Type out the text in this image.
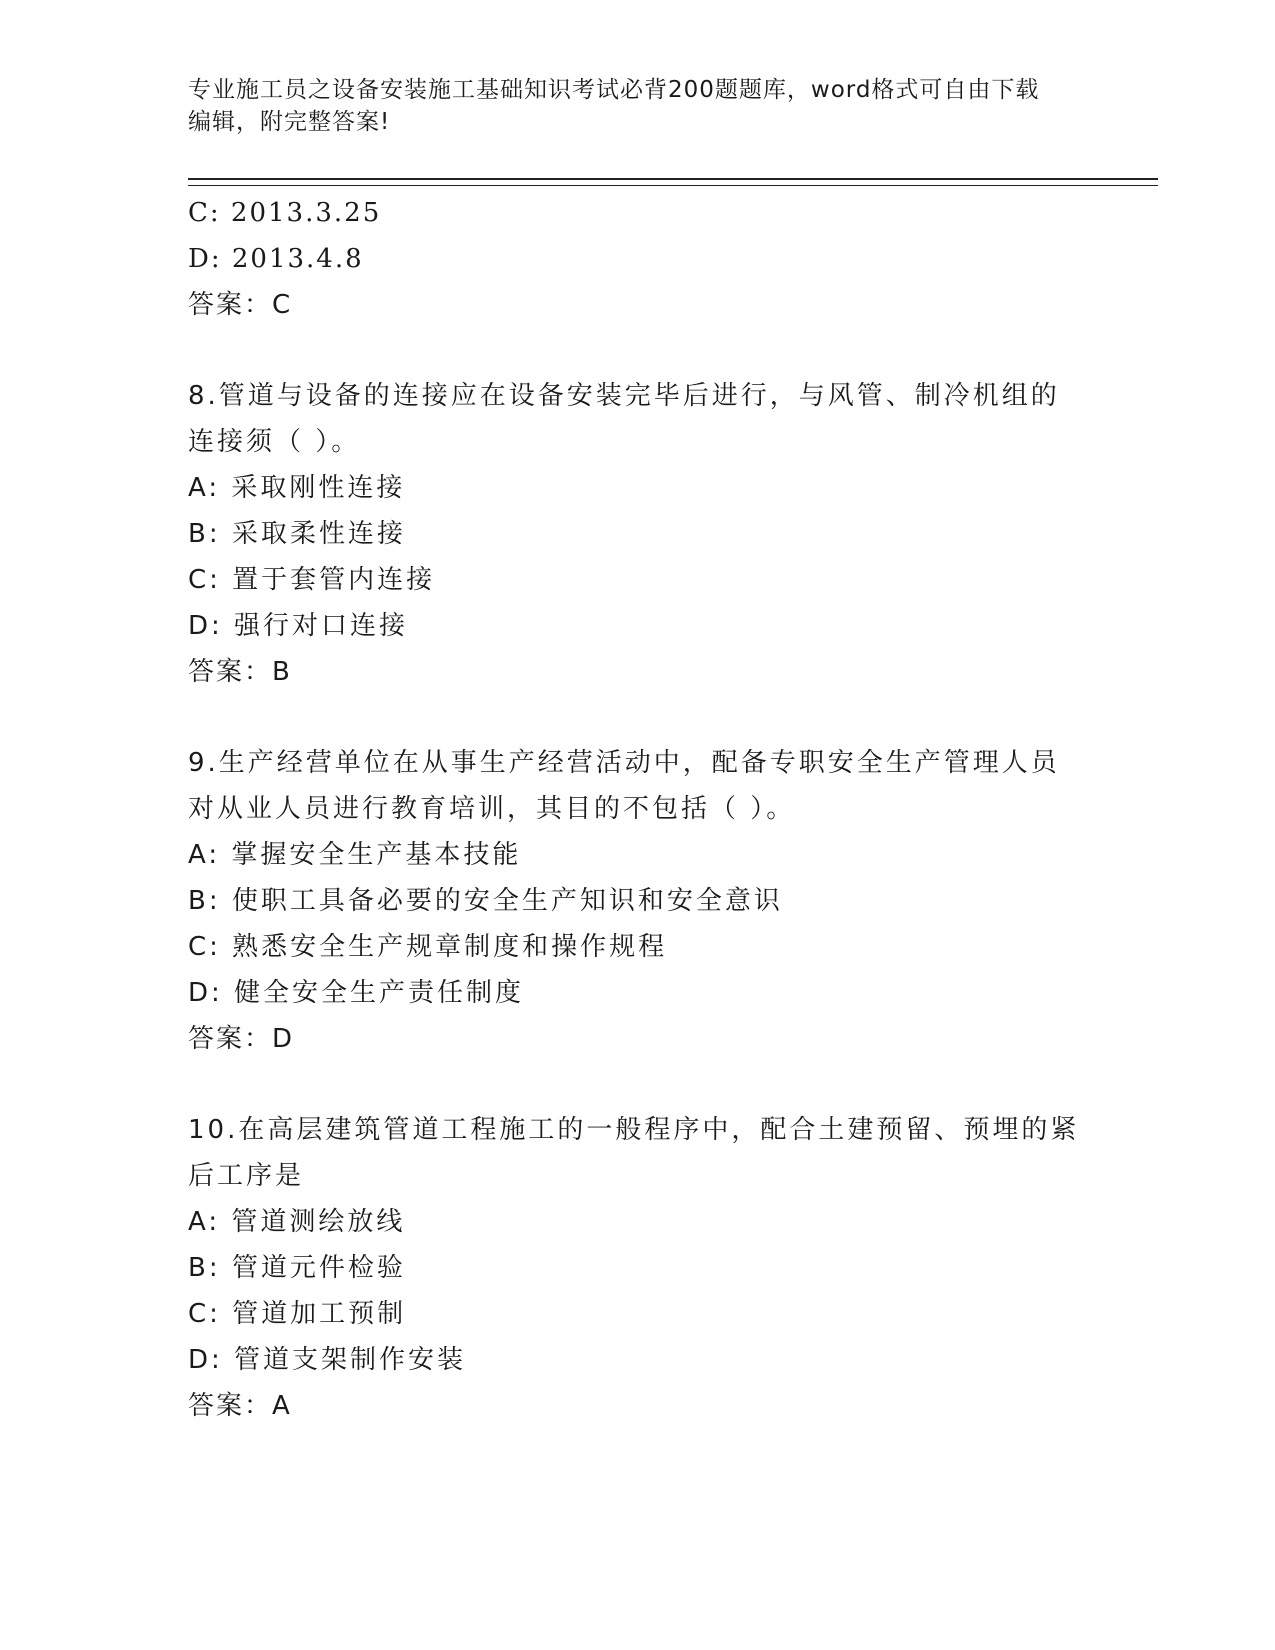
专业施工员之设备安装施工基础知识考试必背200题题库，word格式可自由下载
编辑，附完整答案!
C: 2013.3.25
D: 2013.4.8
答案：C
8.管道与设备的连接应在设备安装完毕后进行，与风管、制冷机组的
连接须（ ）。
A: 采取刚性连接
B: 采取柔性连接
C: 置于套管内连接
D: 强行对口连接
答案：B
9.生产经营单位在从事生产经营活动中，配备专职安全生产管理人员
对从业人员进行教育培训，其目的不包括（ ）。
A: 掌握安全生产基本技能
B: 使职工具备必要的安全生产知识和安全意识
C: 熟悉安全生产规章制度和操作规程
D: 健全安全生产责任制度
答案：D
10.在高层建筑管道工程施工的一般程序中，配合土建预留、预埋的紧
后工序是
A: 管道测绘放线
B: 管道元件检验
C: 管道加工预制
D: 管道支架制作安装
答案：A
